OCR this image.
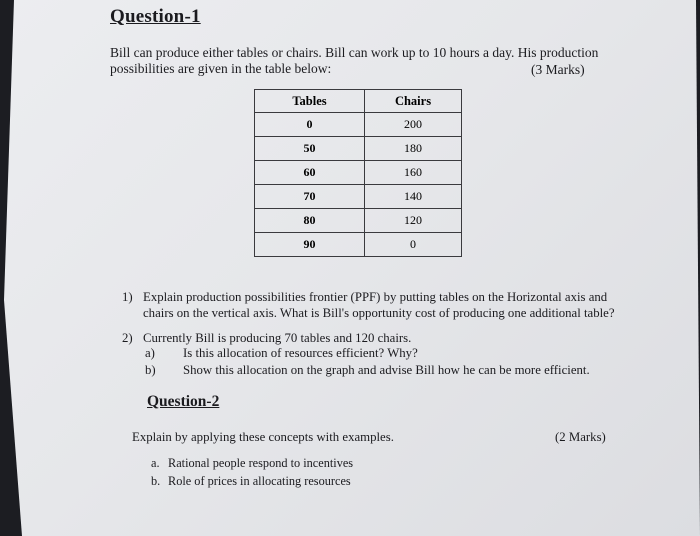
Question-1
Bill can produce either tables or chairs. Bill can work up to 10 hours a day. His production
possibilities are given in the table below:	(3 Marks)
Tables	Chairs
0	200
50	180
60	160
70	140
80	120
90	0
1) Explain production possibilities frontier (PPF) by putting tables on the Horizontal axis and
chairs on the vertical axis. What is Bill's opportunity cost of producing one additional table?
2) Currently Bill is producing 70 tables and 120 chairs.
a) Is this allocation of resources efficient? Why?
b) Show this allocation on the graph and advise Bill how he can be more efficient.
Question-2
Explain by applying these concepts with examples.	(2 Marks)
a. Rational people respond to incentives
b. Role of prices in allocating resources
